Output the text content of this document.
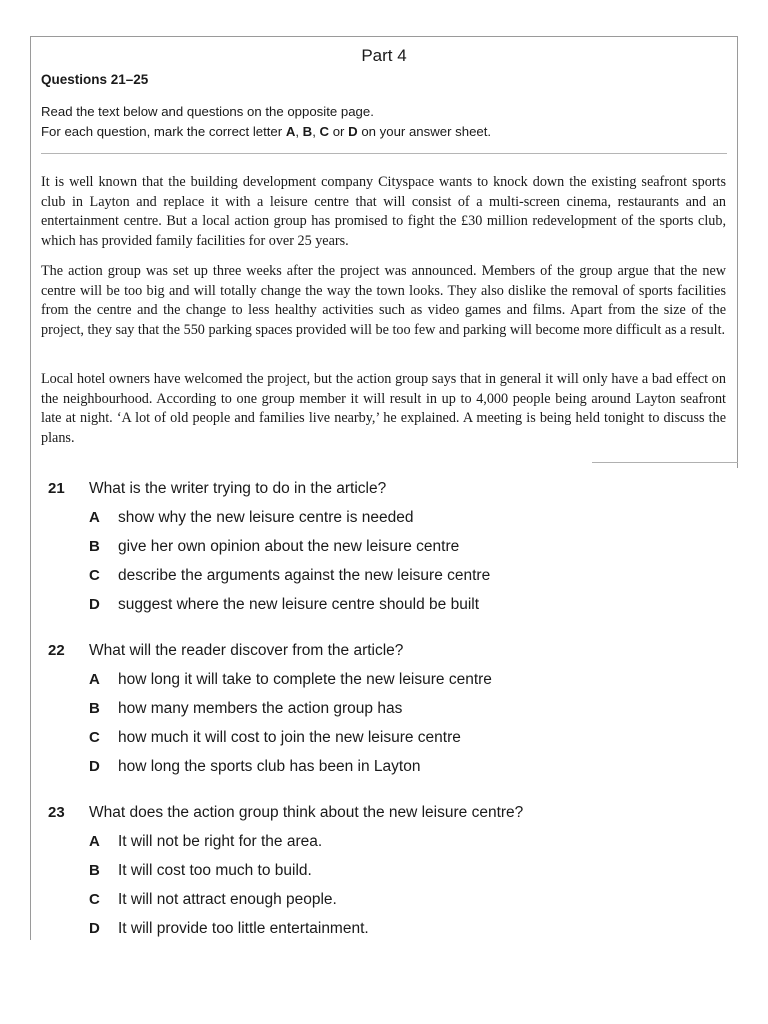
Part 4
Questions 21–25
Read the text below and questions on the opposite page.
For each question, mark the correct letter A, B, C or D on your answer sheet.

It is well known that the building development company Cityspace wants to knock down the existing seafront sports club in Layton and replace it with a leisure centre that will consist of a multi-screen cinema, restaurants and an entertainment centre. But a local action group has promised to fight the £30 million redevelopment of the sports club, which has provided family facilities for over 25 years.

The action group was set up three weeks after the project was announced. Members of the group argue that the new centre will be too big and will totally change the way the town looks. They also dislike the removal of sports facilities from the centre and the change to less healthy activities such as video games and films. Apart from the size of the project, they say that the 550 parking spaces provided will be too few and parking will become more difficult as a result.

Local hotel owners have welcomed the project, but the action group says that in general it will only have a bad effect on the neighbourhood. According to one group member it will result in up to 4,000 people being around Layton seafront late at night. ‘A lot of old people and families live nearby,’ he explained. A meeting is being held tonight to discuss the plans.

21 What is the writer trying to do in the article?
A show why the new leisure centre is needed
B give her own opinion about the new leisure centre
C describe the arguments against the new leisure centre
D suggest where the new leisure centre should be built
22 What will the reader discover from the article?
A how long it will take to complete the new leisure centre
B how many members the action group has
C how much it will cost to join the new leisure centre
D how long the sports club has been in Layton
23 What does the action group think about the new leisure centre?
A It will not be right for the area.
B It will cost too much to build.
C It will not attract enough people.
D It will provide too little entertainment.
